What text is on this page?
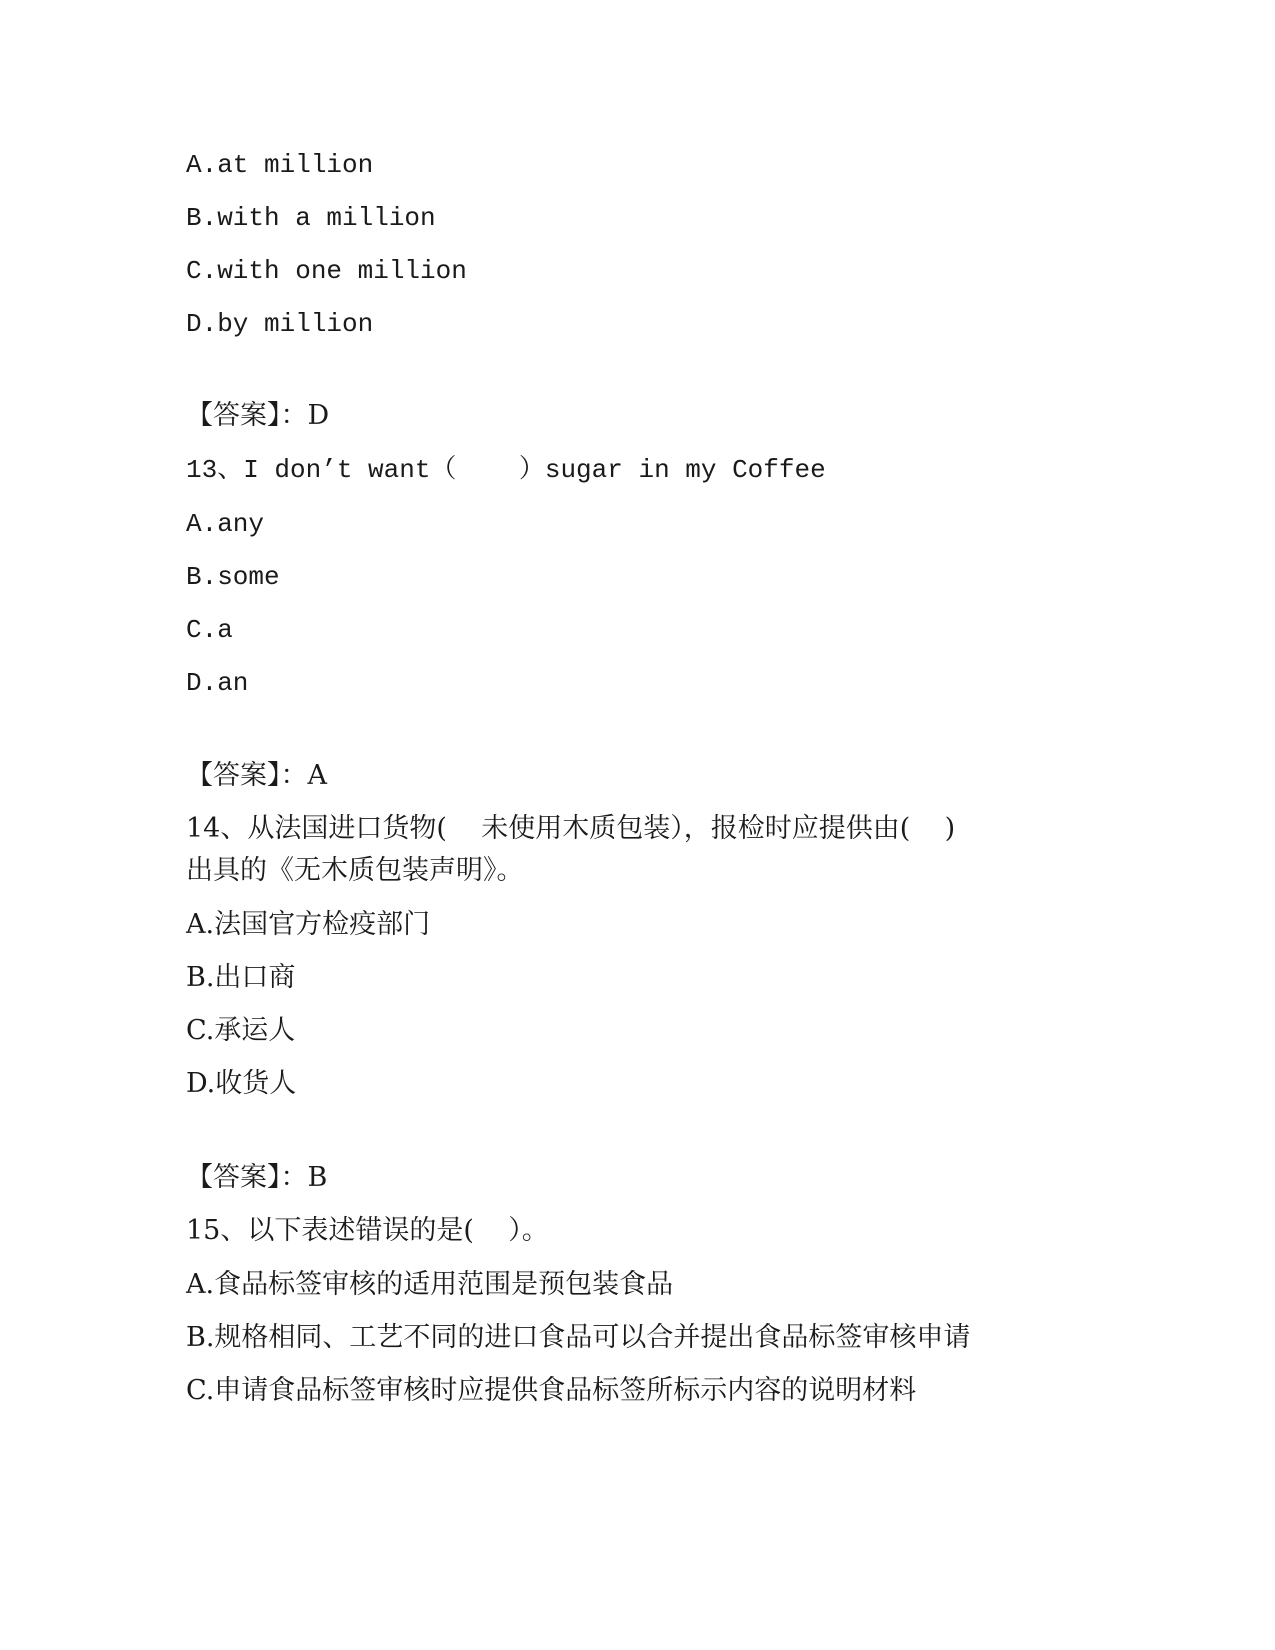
A.at million
B.with a million
C.with one million
D.by million
【答案】：D
13、I don’t want（    ）sugar in my Coffee
A.any
B.some
C.a
D.an
【答案】：A
14、从法国进口货物(    未使用木质包装），报检时应提供由(    )
出具的《无木质包装声明》。
A.法国官方检疫部门
B.出口商
C.承运人
D.收货人
【答案】：B
15、以下表述错误的是(    ）。
A.食品标签审核的适用范围是预包装食品
B.规格相同、工艺不同的进口食品可以合并提出食品标签审核申请
C.申请食品标签审核时应提供食品标签所标示内容的说明材料
